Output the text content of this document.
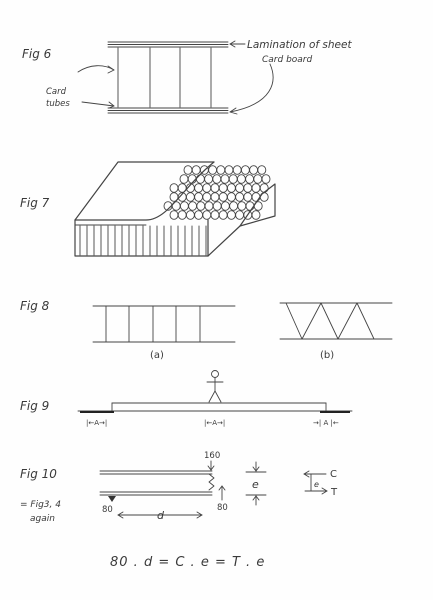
Fig 6
Lamination of sheet
Card board
Card
tubes
Fig 7
Fig 8
(a)	(b)
Fig 9
|←A→|	|←A→|	→| A |←
Fig 10
= Fig3, 4
again
160
80	80
d
e
C
T
e
80 . d = C . e = T . e
